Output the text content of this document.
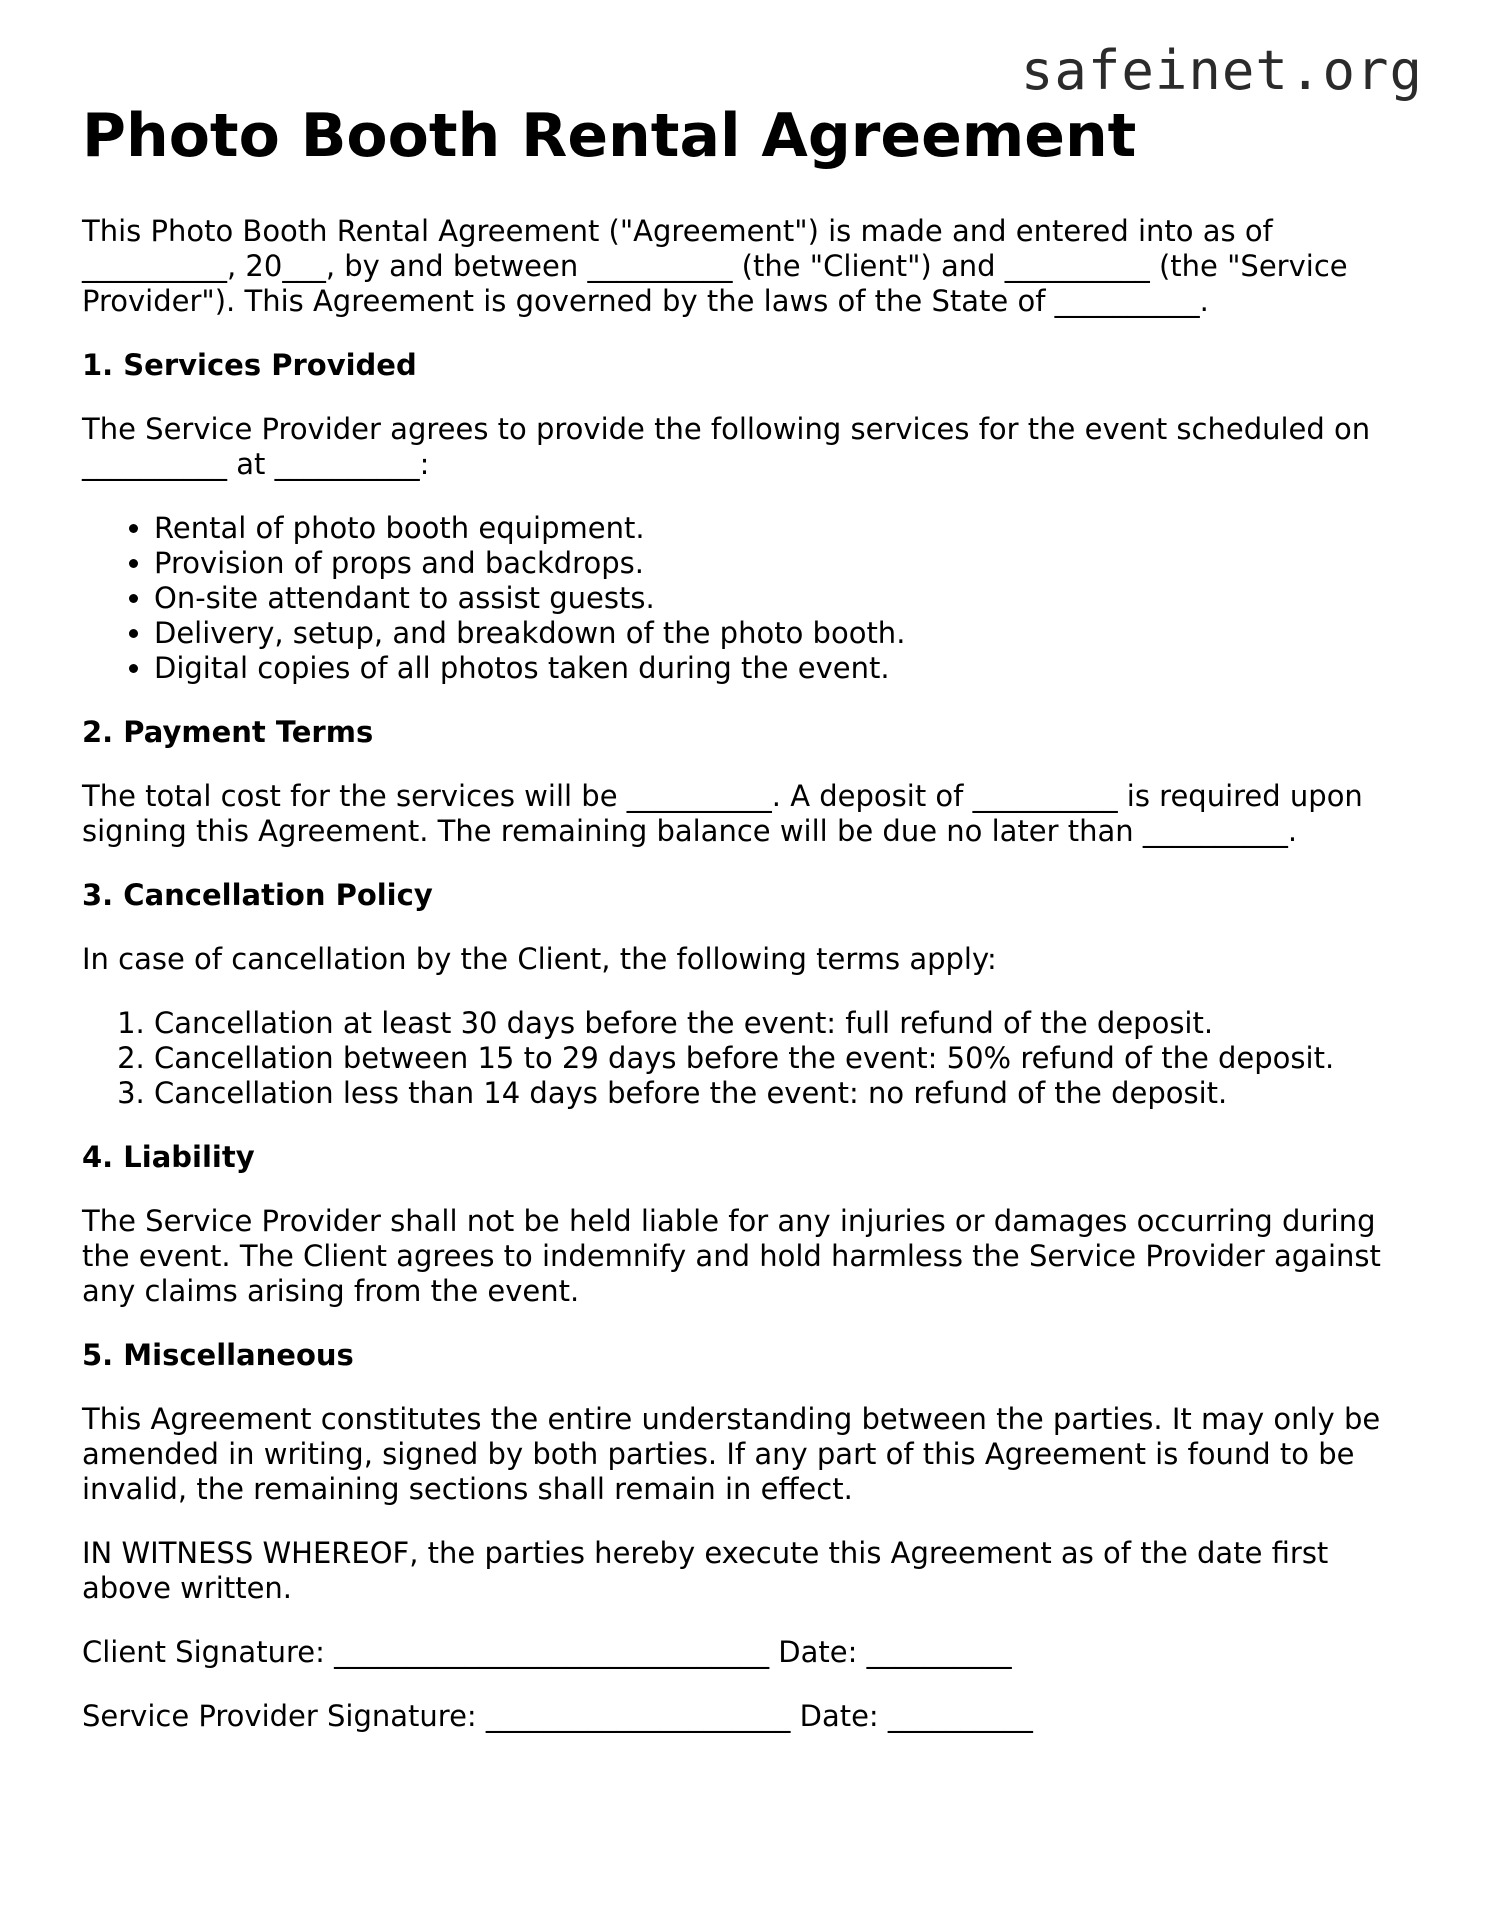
safeinet.org
Photo Booth Rental Agreement

This Photo Booth Rental Agreement ("Agreement") is made and entered into as of __________, 20___, by and between __________ (the "Client") and __________ (the "Service Provider"). This Agreement is governed by the laws of the State of __________.

1. Services Provided

The Service Provider agrees to provide the following services for the event scheduled on __________ at __________:

• Rental of photo booth equipment.
• Provision of props and backdrops.
• On-site attendant to assist guests.
• Delivery, setup, and breakdown of the photo booth.
• Digital copies of all photos taken during the event.
2. Payment Terms

The total cost for the services will be __________. A deposit of __________ is required upon signing this Agreement. The remaining balance will be due no later than __________.

3. Cancellation Policy

In case of cancellation by the Client, the following terms apply:

1. Cancellation at least 30 days before the event: full refund of the deposit.
2. Cancellation between 15 to 29 days before the event: 50% refund of the deposit.
3. Cancellation less than 14 days before the event: no refund of the deposit.
4. Liability

The Service Provider shall not be held liable for any injuries or damages occurring during the event. The Client agrees to indemnify and hold harmless the Service Provider against any claims arising from the event.

5. Miscellaneous

This Agreement constitutes the entire understanding between the parties. It may only be amended in writing, signed by both parties. If any part of this Agreement is found to be invalid, the remaining sections shall remain in effect.

IN WITNESS WHEREOF, the parties hereby execute this Agreement as of the date first above written.

Client Signature: ______________________________ Date: __________

Service Provider Signature: _____________________ Date: __________
